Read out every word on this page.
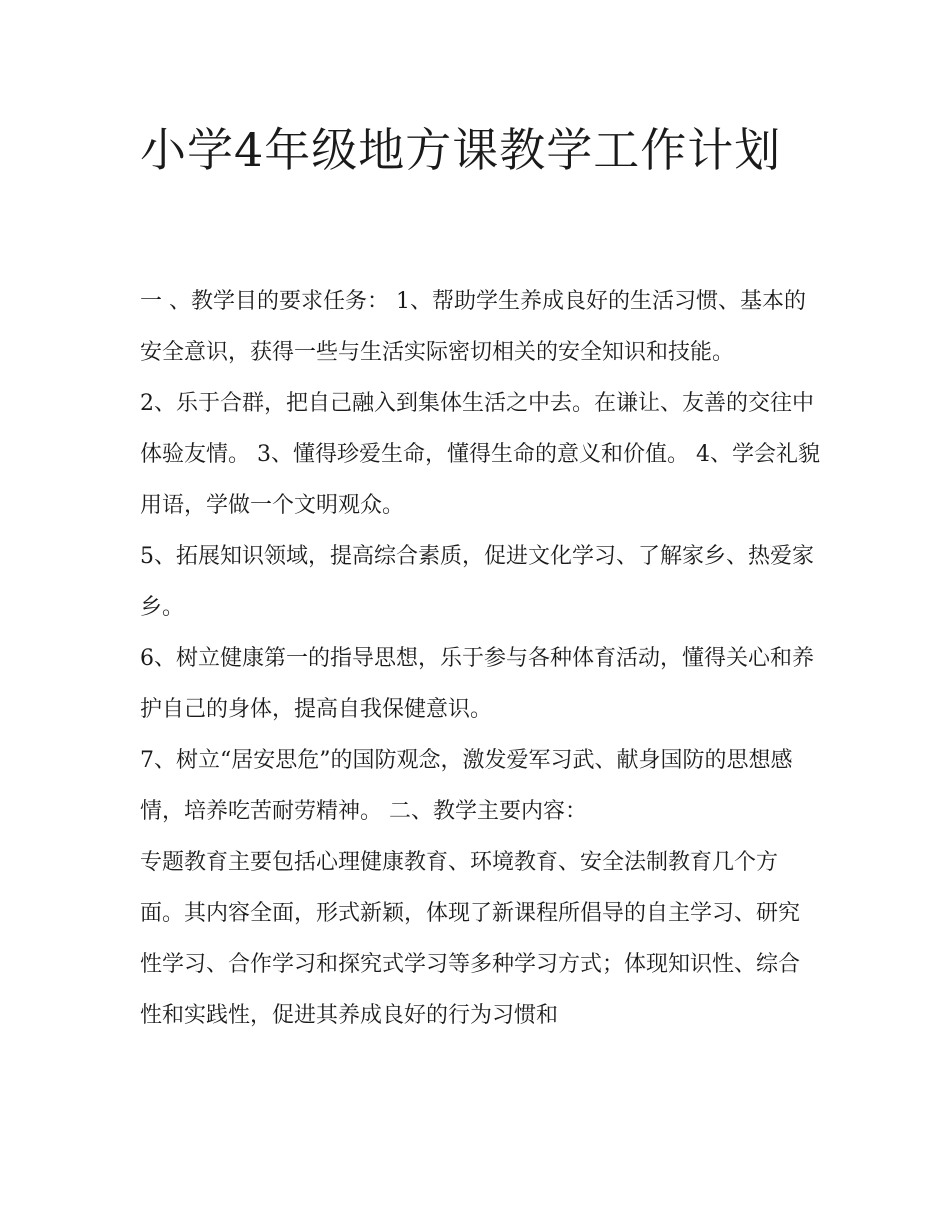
小学4年级地方课教学工作计划

一 、教学目的要求任务： 1、帮助学生养成良好的生活习惯、基本的安全意识，获得一些与生活实际密切相关的安全知识和技能。

2、乐于合群，把自己融入到集体生活之中去。在谦让、友善的交往中体验友情。 3、懂得珍爱生命，懂得生命的意义和价值。 4、学会礼貌用语，学做一个文明观众。

5、拓展知识领域，提高综合素质，促进文化学习、了解家乡、热爱家乡。

6、树立健康第一的指导思想，乐于参与各种体育活动，懂得关心和养护自己的身体，提高自我保健意识。

7、树立“居安思危”的国防观念，激发爱军习武、献身国防的思想感情，培养吃苦耐劳精神。 二、教学主要内容：

专题教育主要包括心理健康教育、环境教育、安全法制教育几个方面。其内容全面，形式新颖，体现了新课程所倡导的自主学习、研究性学习、合作学习和探究式学习等多种学习方式；体现知识性、综合性和实践性，促进其养成良好的行为习惯和
